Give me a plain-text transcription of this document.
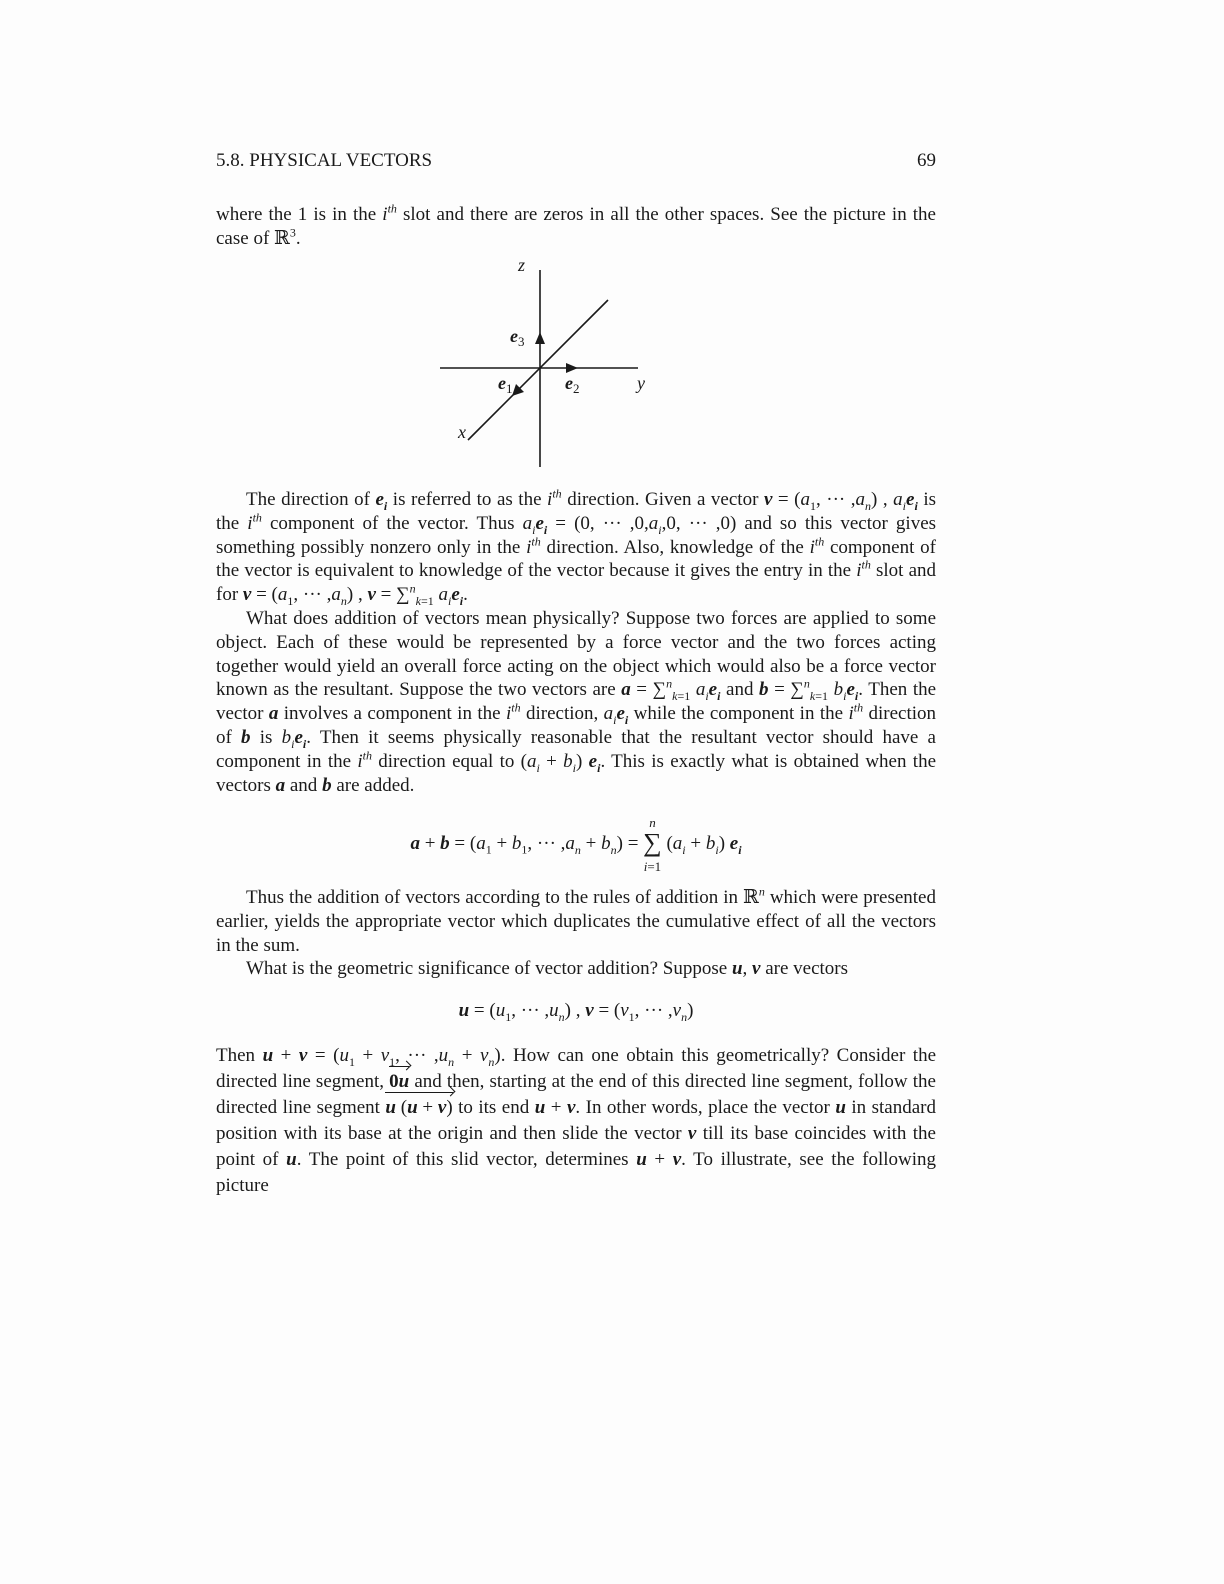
5.8. PHYSICAL VECTORS	69

where the 1 is in the $i^{th}$ slot and there are zeros in all the other spaces. See the picture in the case of ℝ$^3$.

z
y
x
$e_3$
$e_2$
$e_1$

The direction of $e_i$ is referred to as the $i^{th}$ direction. Given a vector $v = (a_1$, ··· $,a_n$) , $a_ie_i$ is the $i^{th}$ component of the vector. Thus $a_ie_i = (0$, ··· $,0,a_i,0$, ··· ,0) and so this vector gives something possibly nonzero only in the $i^{th}$ direction. Also, knowledge of the $i^{th}$ component of the vector is equivalent to knowledge of the vector because it gives the entry in the $i^{th}$ slot and for $v = (a_1$, ··· $,a_n$) , v = ∑$^n_{k=1}$ $a_ie_i$.

What does addition of vectors mean physically? Suppose two forces are applied to some object. Each of these would be represented by a force vector and the two forces acting together would yield an overall force acting on the object which would also be a force vector known as the resultant. Suppose the two vectors are a = ∑$^n_{k=1}$ $a_ie_i$ and b = ∑$^n_{k=1}$ $b_ie_i$. Then the vector a involves a component in the $i^{th}$ direction, $a_ie_i$ while the component in the $i^{th}$ direction of b is $b_ie_i$. Then it seems physically reasonable that the resultant vector should have a component in the $i^{th}$ direction equal to $(a_i + b_i)$ $e_i$. This is exactly what is obtained when the vectors a and b are added.

$a + b = (a_1 + b_1$, ··· $,a_n + b_n) = n$
∑
i=1 $(a_i + b_i)$ $e_i$

Thus the addition of vectors according to the rules of addition in ℝ$^n$ which were presented earlier, yields the appropriate vector which duplicates the cumulative effect of all the vectors in the sum.

What is the geometric significance of vector addition? Suppose u, v are vectors

$u = (u_1$, ··· $,u_n$) , $v = (v_1$, ··· $,v_n$)

Then $u + v = (u_1 + v_1$, ··· $,u_n + v_n$). How can one obtain this geometrically? Consider the directed line segment, 0u and then, starting at the end of this directed line segment, follow the directed line segment u (u + v) to its end u + v. In other words, place the vector u in standard position with its base at the origin and then slide the vector v till its base coincides with the point of u. The point of this slid vector, determines u + v. To illustrate, see the following picture
